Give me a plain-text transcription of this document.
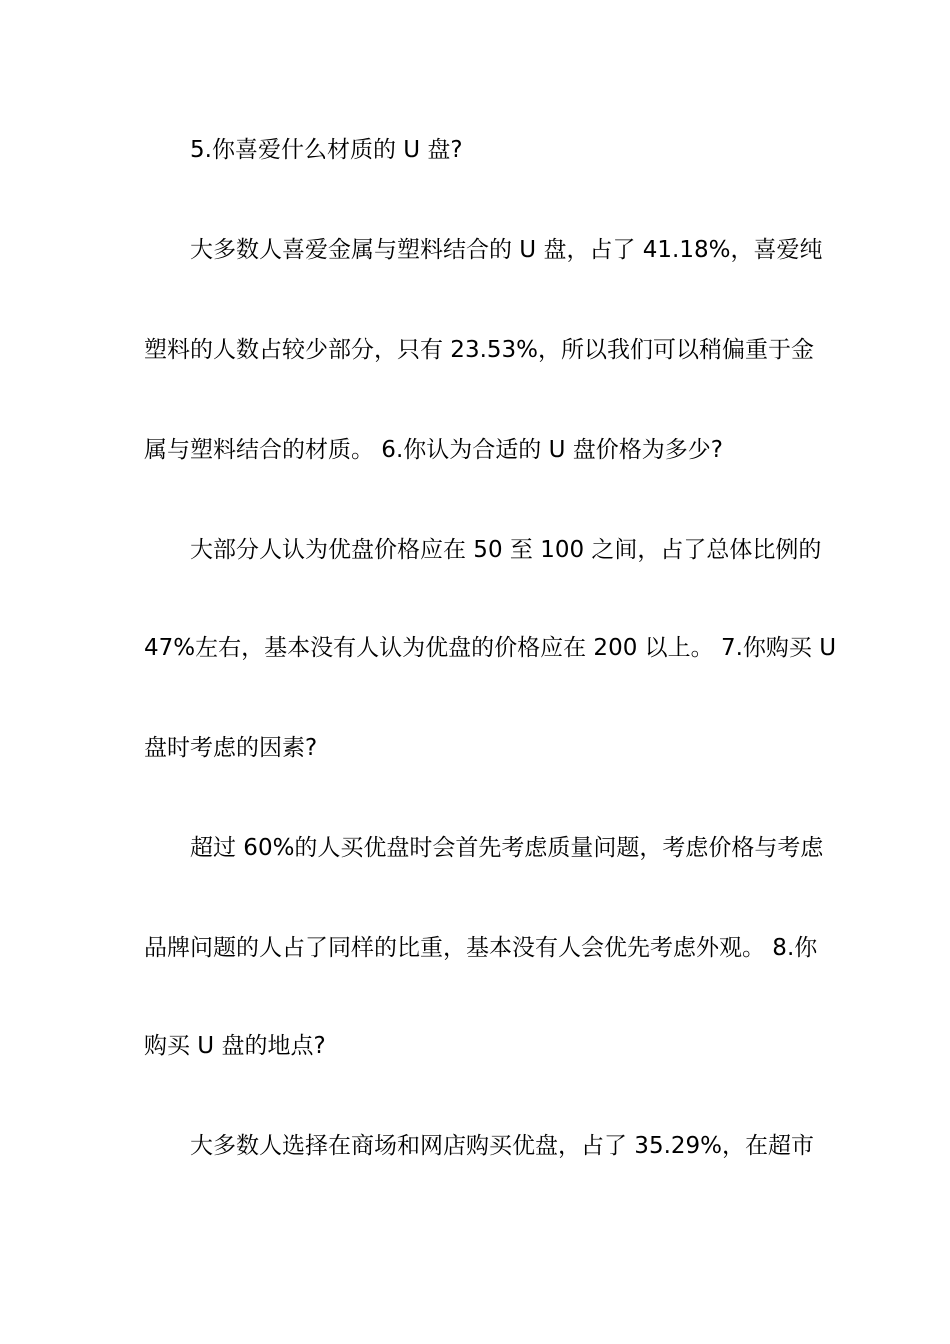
5.你喜爱什么材质的 U 盘?
大多数人喜爱金属与塑料结合的 U 盘，占了 41.18%，喜爱纯
塑料的人数占较少部分，只有 23.53%，所以我们可以稍偏重于金
属与塑料结合的材质。 6.你认为合适的 U 盘价格为多少?
大部分人认为优盘价格应在 50 至 100 之间，占了总体比例的
47%左右，基本没有人认为优盘的价格应在 200 以上。 7.你购买 U
盘时考虑的因素?
超过 60%的人买优盘时会首先考虑质量问题，考虑价格与考虑
品牌问题的人占了同样的比重，基本没有人会优先考虑外观。 8.你
购买 U 盘的地点?
大多数人选择在商场和网店购买优盘，占了 35.29%，在超市
